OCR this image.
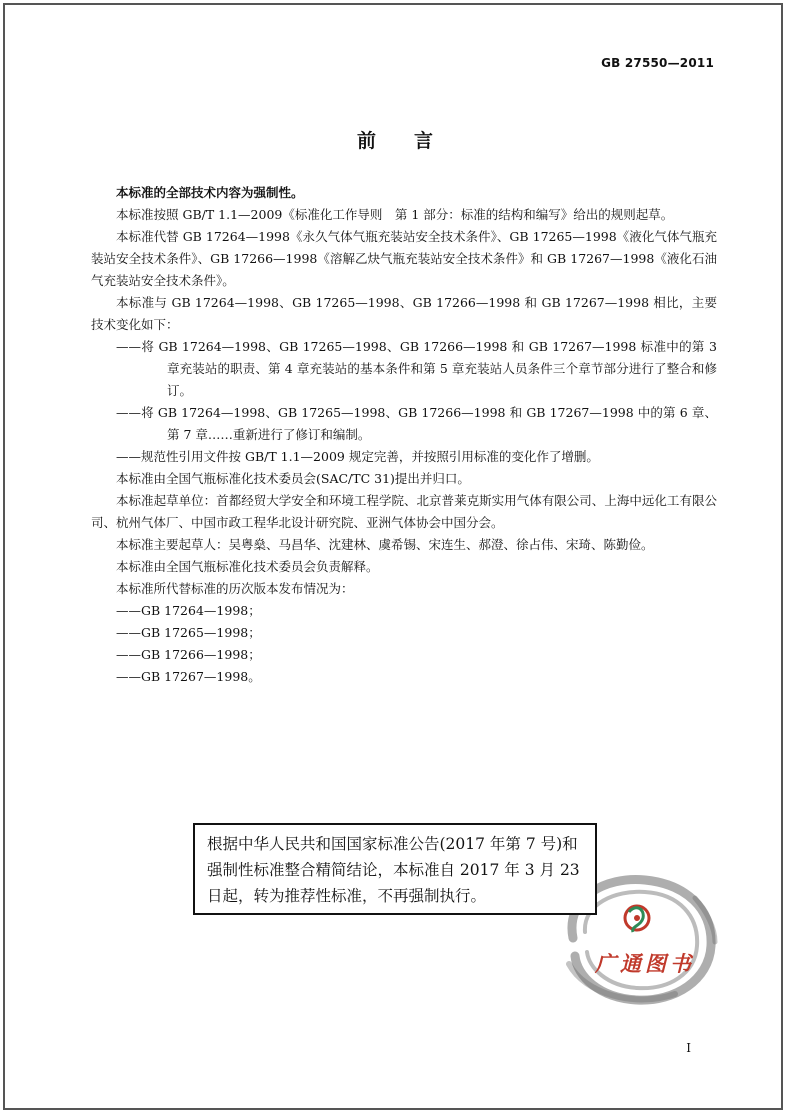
GB 27550—2011
前言

本标准的全部技术内容为强制性。

本标准按照 GB/T 1.1—2009《标准化工作导则　第 1 部分：标准的结构和编写》给出的规则起草。

本标准代替 GB 17264—1998《永久气体气瓶充装站安全技术条件》、GB 17265—1998《液化气体气瓶充装站安全技术条件》、GB 17266—1998《溶解乙炔气瓶充装站安全技术条件》和 GB 17267—1998《液化石油气充装站安全技术条件》。

本标准与 GB 17264—1998、GB 17265—1998、GB 17266—1998 和 GB 17267—1998 相比，主要技术变化如下：

——将 GB 17264—1998、GB 17265—1998、GB 17266—1998 和 GB 17267—1998 标准中的第 3 章充装站的职责、第 4 章充装站的基本条件和第 5 章充装站人员条件三个章节部分进行了整合和修订。

——将 GB 17264—1998、GB 17265—1998、GB 17266—1998 和 GB 17267—1998 中的第 6 章、第 7 章……重新进行了修订和编制。

——规范性引用文件按 GB/T 1.1—2009 规定完善，并按照引用标准的变化作了增删。

本标准由全国气瓶标准化技术委员会(SAC/TC 31)提出并归口。

本标准起草单位：首都经贸大学安全和环境工程学院、北京普莱克斯实用气体有限公司、上海中远化工有限公司、杭州气体厂、中国市政工程华北设计研究院、亚洲气体协会中国分会。

本标准主要起草人：吴粤燊、马昌华、沈建林、虞希锡、宋连生、郝澄、徐占伟、宋琦、陈勤俭。

本标准由全国气瓶标准化技术委员会负责解释。

本标准所代替标准的历次版本发布情况为：

——GB 17264—1998；

——GB 17265—1998；

——GB 17266—1998；

——GB 17267—1998。

根据中华人民共和国国家标准公告(2017 年第 7 号)和强制性标准整合精简结论，本标准自 2017 年 3 月 23 日起，转为推荐性标准，不再强制执行。
广通图书
I
